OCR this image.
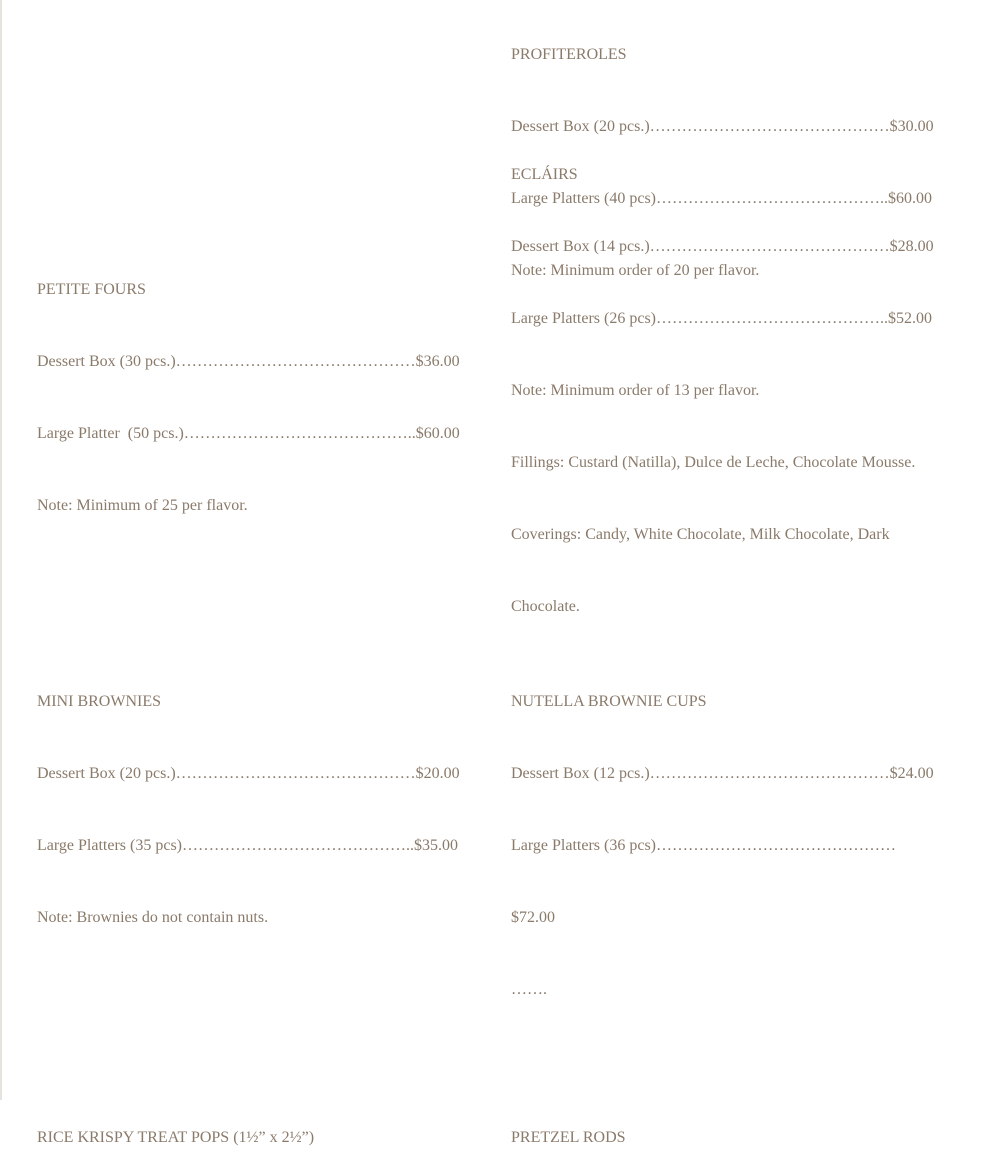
PROFITEROLES

Dessert Box (20 pcs.)………………………………………$30.00

Large Platters (40 pcs)……………………………………..$60.00

Note: Minimum order of 20 per flavor.

ECLÁIRS

Dessert Box (14 pcs.)………………………………………$28.00

Large Platters (26 pcs)……………………………………..$52.00

Note: Minimum order of 13 per flavor.

Fillings: Custard (Natilla), Dulce de Leche, Chocolate Mousse.

Coverings: Candy, White Chocolate, Milk Chocolate, Dark

Chocolate.

PETITE FOURS

Dessert Box (30 pcs.)………………………………………$36.00

Large Platter  (50 pcs.)……………………………………..$60.00

Note: Minimum of 25 per flavor.

MINI BROWNIES

Dessert Box (20 pcs.)………………………………………$20.00

Large Platters (35 pcs)……………………………………..$35.00

Note: Brownies do not contain nuts.

NUTELLA BROWNIE CUPS

Dessert Box (12 pcs.)………………………………………$24.00

Large Platters (36 pcs)………………………………………

$72.00

…….

RICE KRISPY TREAT POPS (1½” x 2½”)

	PRETZEL RODS
